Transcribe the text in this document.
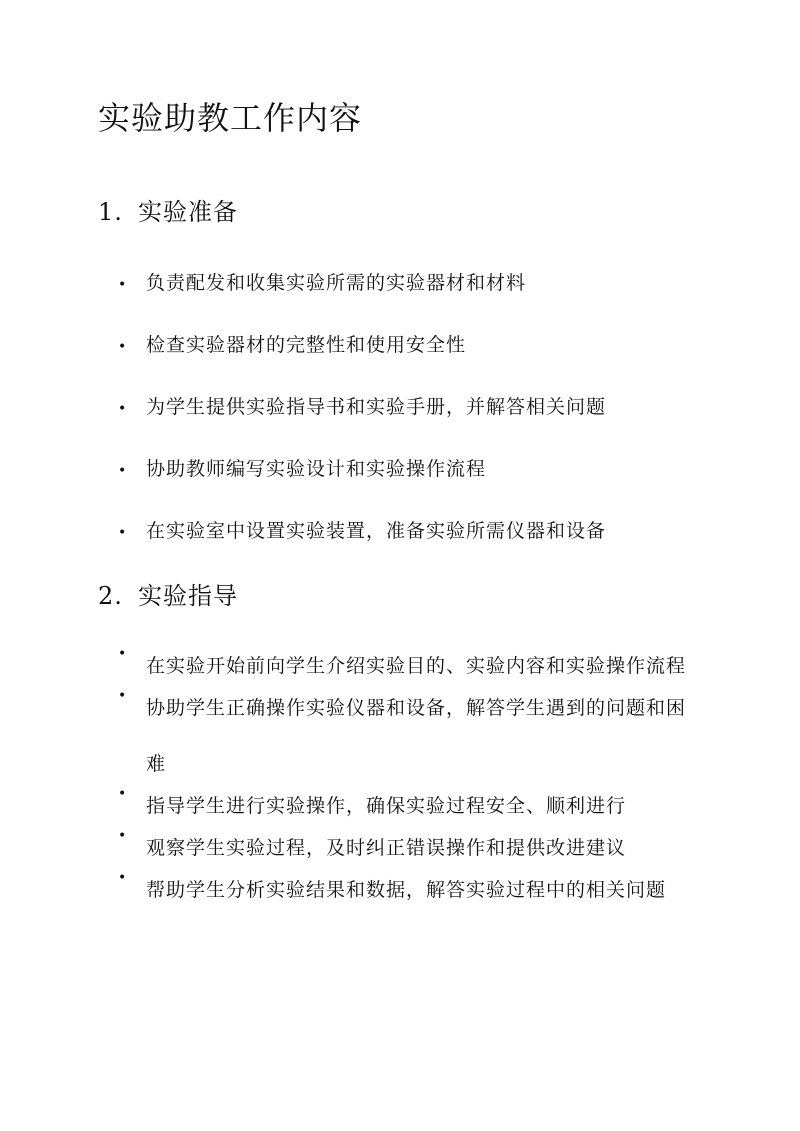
实验助教工作内容
1. 实验准备
• 负责配发和收集实验所需的实验器材和材料
• 检查实验器材的完整性和使用安全性
• 为学生提供实验指导书和实验手册，并解答相关问题
• 协助教师编写实验设计和实验操作流程
• 在实验室中设置实验装置，准备实验所需仪器和设备
2. 实验指导
•
在实验开始前向学生介绍实验目的、实验内容和实验操作流程
•
协助学生正确操作实验仪器和设备，解答学生遇到的问题和困难
•
指导学生进行实验操作，确保实验过程安全、顺利进行
•
观察学生实验过程，及时纠正错误操作和提供改进建议
•
帮助学生分析实验结果和数据，解答实验过程中的相关问题
